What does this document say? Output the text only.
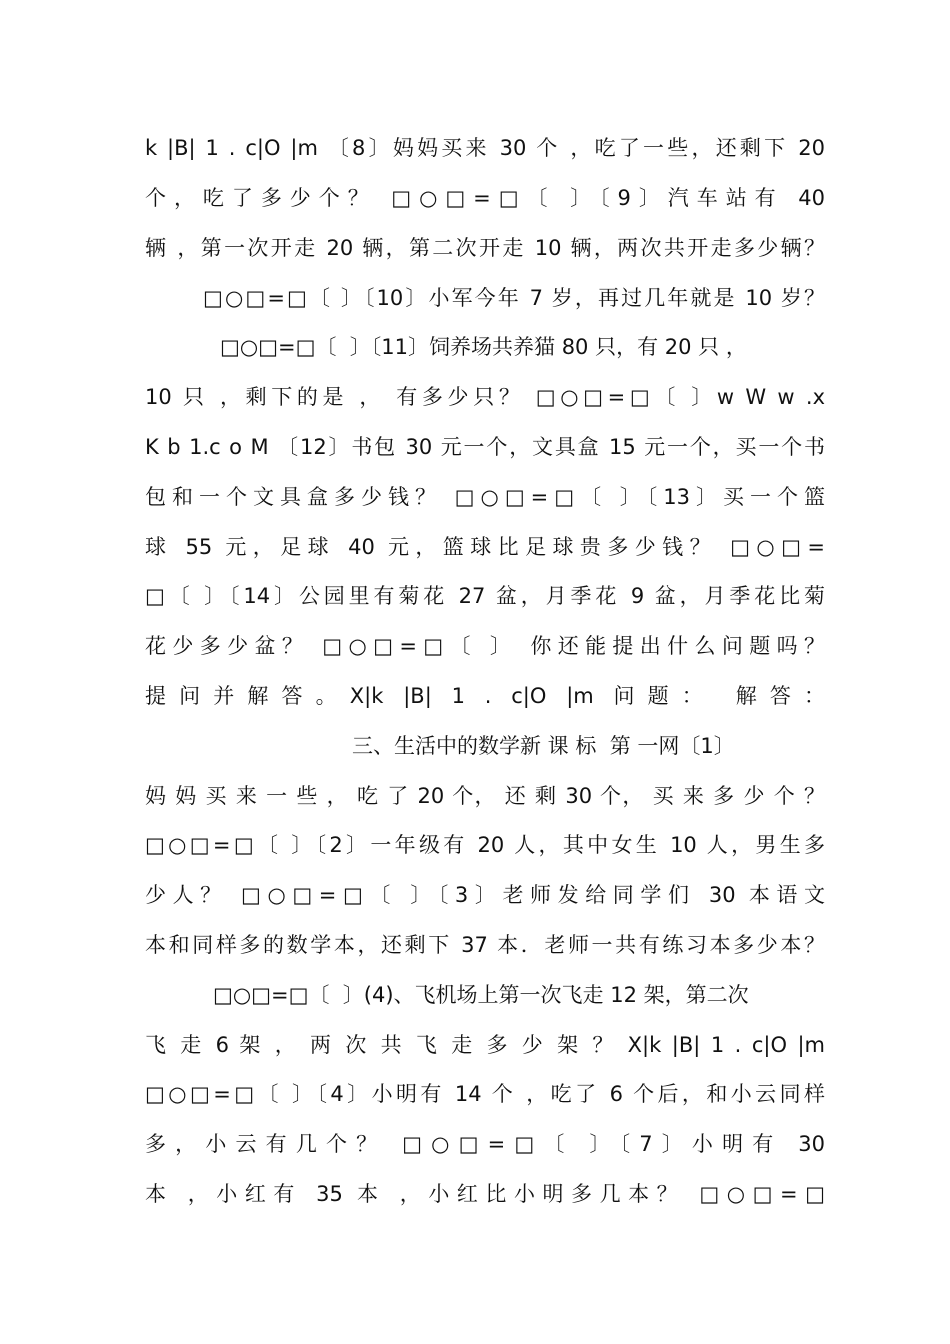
k |B| 1 . c|O |m 〔8〕妈妈买来 30 个 ，吃了一些，还剩下 20
个，吃了多少个？ □○□=□〔 〕〔9〕汽车站有 40
辆 ，第一次开走 20 辆，第二次开走 10 辆，两次共开走多少辆？
□○□=□〔 〕〔10〕小军今年 7 岁，再过几年就是 10 岁？
□○□=□〔  〕〔11〕饲养场共养猫 80 只，有 20 只 ，
10 只 ，剩下的是 ， 有多少只？ □○□=□〔 〕w W w .x
K b 1.c o M 〔12〕书包 30 元一个，文具盒 15 元一个，买一个书
包和一个文具盒多少钱？ □○□=□〔 〕〔13〕买一个篮
球 55 元，足球 40 元，篮球比足球贵多少钱？ □○□=
□〔 〕〔14〕公园里有菊花 27 盆，月季花 9 盆，月季花比菊
花少多少盆？ □○□=□〔 〕 你还能提出什么问题吗？
提问并解答。X|k |B| 1 . c|O |m 问题： 解答：
三、生活中的数学新 课 标  第 一网〔1〕
妈 妈 买 来 一 些 ， 吃 了 20 个， 还 剩 30 个， 买 来 多 少 个 ？
□○□=□〔 〕〔2〕一年级有 20 人，其中女生 10 人，男生多
少人？ □○□=□〔 〕〔3〕老师发给同学们 30 本语文
本和同样多的数学本，还剩下 37 本．老师一共有练习本多少本？
□○□=□〔  〕(4)、飞机场上第一次飞走 12 架，第二次
飞 走 6 架 ， 两 次 共 飞 走 多 少 架 ？ X|k |B| 1 . c|O |m
□○□=□〔 〕〔4〕小明有 14 个 ，吃了 6 个后，和小云同样
多，小云有几个？ □○□=□〔 〕〔7〕小明有 30
本 ，小红有 35 本 ，小红比小明多几本？ □○□=□
